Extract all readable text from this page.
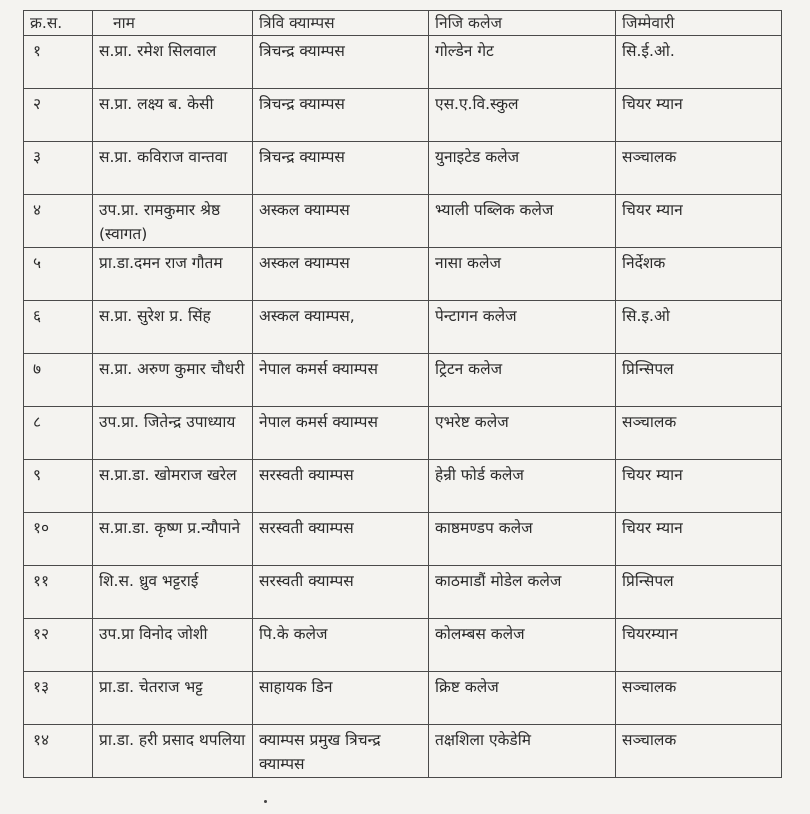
क्र.स.	नाम	त्रिवि क्याम्पस	निजि कलेज	जिम्मेवारी
१	स.प्रा. रमेश सिलवाल	त्रिचन्द्र क्याम्पस	गोल्डेन गेट	सि.ई.ओ.
२	स.प्रा. लक्ष्य ब. केसी	त्रिचन्द्र क्याम्पस	एस.ए.वि.स्कुल	चियर म्यान
३	स.प्रा. कविराज वान्तवा	त्रिचन्द्र क्याम्पस	युनाइटेड कलेज	सञ्चालक
४	उप.प्रा. रामकुमार श्रेष्ठ (स्वागत)	अस्कल क्याम्पस	भ्याली पब्लिक कलेज	चियर म्यान
५	प्रा.डा.दमन राज गौतम	अस्कल क्याम्पस	नासा कलेज	निर्देशक
६	स.प्रा. सुरेश प्र. सिंह	अस्कल क्याम्पस,	पेन्टागन कलेज	सि.इ.ओ
७	स.प्रा. अरुण कुमार चौधरी	नेपाल कमर्स क्याम्पस	ट्रिटन कलेज	प्रिन्सिपल
८	उप.प्रा. जितेन्द्र उपाध्याय	नेपाल कमर्स क्याम्पस	एभरेष्ट कलेज	सञ्चालक
९	स.प्रा.डा. खोमराज खरेल	सरस्वती क्याम्पस	हेन्री फोर्ड कलेज	चियर म्यान
१०	स.प्रा.डा. कृष्ण प्र.न्यौपाने	सरस्वती क्याम्पस	काष्ठमण्डप कलेज	चियर म्यान
११	शि.स. ध्रुव भट्टराई	सरस्वती क्याम्पस	काठमाडौं मोडेल कलेज	प्रिन्सिपल
१२	उप.प्रा विनोद जोशी	पि.के कलेज	कोलम्बस कलेज	चियरम्यान
१३	प्रा.डा. चेतराज भट्ट	साहायक डिन	क्रिष्ट कलेज	सञ्चालक
१४	प्रा.डा. हरी प्रसाद थपलिया	क्याम्पस प्रमुख त्रिचन्द्र क्याम्पस	तक्षशिला एकेडेमि	सञ्चालक
